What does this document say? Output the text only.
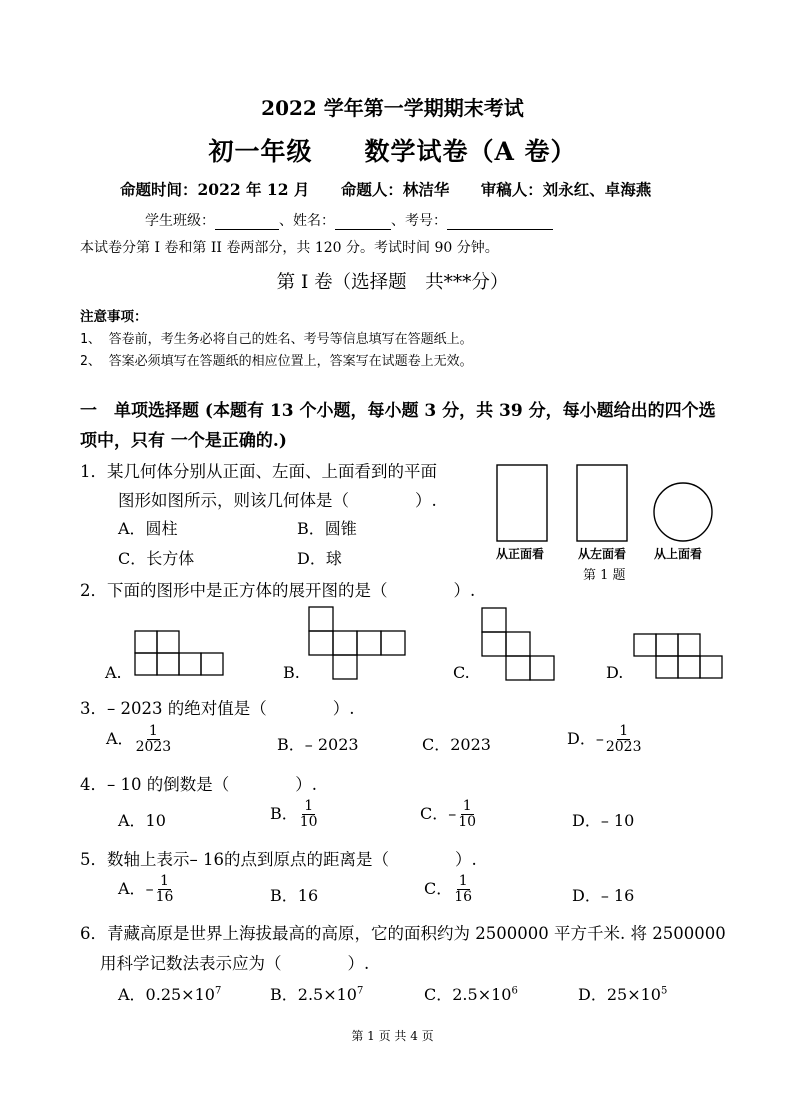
2022 学年第一学期期末考试
初一年级　　数学试卷（A 卷）
命题时间：2022 年 12 月 命题人：林洁华 审稿人：刘永红、卓海燕
学生班级：	、姓名：	、考号：
本试卷分第 I 卷和第 II 卷两部分，共 120 分。考试时间 90 分钟。
第 I 卷（选择题　共***分）
注意事项：
1、 答卷前，考生务必将自己的姓名、考号等信息填写在答题纸上。
2、 答案必须填写在答题纸的相应位置上，答案写在试题卷上无效。
一　单项选择题 (本题有 13 个小题，每小题 3 分，共 39 分，每小题给出的四个选项中，只有 一个是正确的.)
1．某几何体分别从正面、左面、上面看到的平面
图形如图所示，则该几何体是（　　　　）.
A．圆柱	B．圆锥
C．长方体	D．球	从正面看	从左面看 从上面看
第 1 题
2．下面的图形中是正方体的展开图的是（　　　　）.
A.	B.	C.	D.
3．– 2023 的绝对值是（　　　　）.
A． $\frac{1}{2023}$	B．– 2023	C．2023	D．– $\frac{1}{2023}$
4．– 10 的倒数是（　　　　）.
A．10	B． $\frac{1}{10}$	C．– $\frac{1}{10}$	D．– 10
5．数轴上表示– 16的点到原点的距离是（　　　　）.
A．– $\frac{1}{16}$	B．16	C． $\frac{1}{16}$	D．– 16
6．青藏高原是世界上海拔最高的高原，它的面积约为 2500000 平方千米. 将 2500000
用科学记数法表示应为（　　　　）.
A．$0.25\times 10^7$	B．$2.5\times 10^7$	C．$2.5\times 10^6$	D．$25\times 10^5$
第 1 页 共 4 页
